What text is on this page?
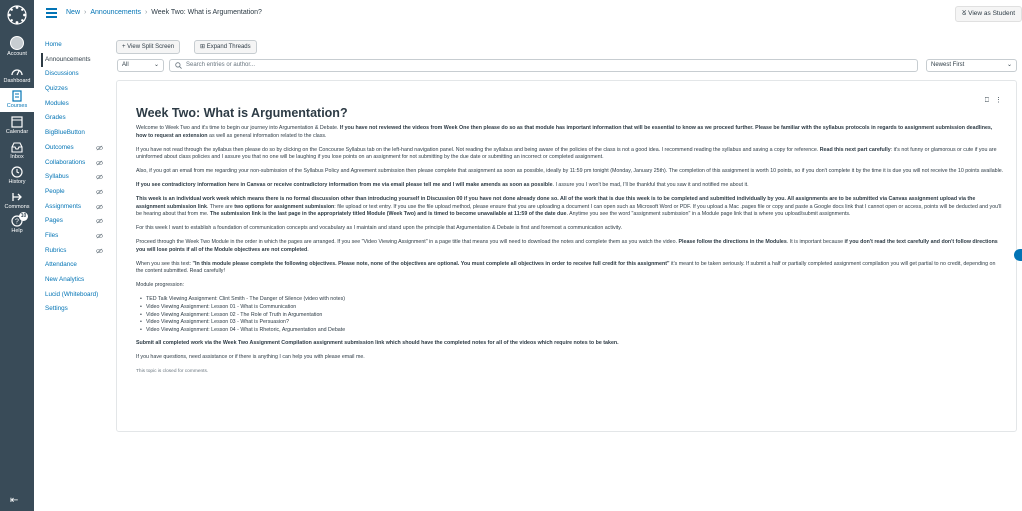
Account
Dashboard
Courses
Calendar
Inbox
History
Commons
?
10
Help
⇤
New › Announcements › Week Two: What is Argumentation?	ᘜ View as Student
Home
Announcements
Discussions
Quizzes
Modules
Grades
BigBlueButton
Outcomes
Collaborations
Syllabus
People
Assignments
Pages
Files
Rubrics
Attendance
New Analytics
Lucid (Whiteboard)
Settings
+ View Split Screen	⊞ Expand Threads
All	⌄	Search entries or author...	Newest First	⌄
⎕ ⋮
Week Two: What is Argumentation?

Welcome to Week Two and it's time to begin our journey into Argumentation & Debate. If you have not reviewed the videos from Week One then please do so as that module has important information that will be essential to know as we proceed further. Please be familiar with the syllabus protocols in regards to assignment submission deadlines, how to request an extension as well as general information related to the class.

If you have not read through the syllabus then please do so by clicking on the Concourse Syllabus tab on the left-hand navigation panel. Not reading the syllabus and being aware of the policies of the class is not a good idea. I recommend reading the syllabus and saving a copy for reference. Read this next part carefully: it's not funny or glamorous or cute if you are uninformed about class policies and I assure you that no one will be laughing if you lose points on an assignment for not submitting by the due date or submitting an incorrect or completed assignment.

Also, if you got an email from me regarding your non-submission of the Syllabus Policy and Agreement submission then please complete that assignment as soon as possible, ideally by 11:59 pm tonight (Monday, January 25th). The completion of this assignment is worth 10 points, so if you don't complete it by the time it is due you will not receive the 10 points available.

If you see contradictory information here in Canvas or receive contradictory information from me via email please tell me and I will make amends as soon as possible. I assure you I won't be mad, I'll be thankful that you saw it and notified me about it.

This week is an individual work week which means there is no formal discussion other than introducing yourself in Discussion 00 if you have not done already done so. All of the work that is due this week is to be completed and submitted individually by you. All assignments are to be submitted via Canvas assignment upload via the assignment submission link. There are two options for assignment submission: file upload or text entry. If you use the file upload method, please ensure that you are uploading a document I can open such as Microsoft Word or PDF. If you upload a Mac .pages file or copy and paste a Google docs link that I cannot open or access, points will be deducted and you'll be hearing about that from me. The submission link is the last page in the appropriately titled Module (Week Two) and is timed to become unavailable at 11:59 of the date due. Anytime you see the word "assignment submission" in a Module page link that is where you upload/submit assignments.

For this week I want to establish a foundation of communication concepts and vocabulary as I maintain and stand upon the principle that Argumentation & Debate is first and foremost a communication activity.

Proceed through the Week Two Module in the order in which the pages are arranged. If you see "Video Viewing Assignment" in a page title that means you will need to download the notes and complete them as you watch the video. Please follow the directions in the Modules. It is important because if you don't read the text carefully and don't follow directions you will lose points if all of the Module objectives are not completed.

When you see this text: "In this module please complete the following objectives. Please note, none of the objectives are optional. You must complete all objectives in order to receive full credit for this assignment" it's meant to be taken seriously. If submit a half or partially completed assignment compilation you will get partial to no credit, depending on the content submitted. Read carefully!

Module progression:

• TED Talk Viewing Assignment: Clint Smith - The Danger of Silence (video with notes)
• Video Viewing Assignment: Lesson 01 - What is Communication
• Video Viewing Assignment: Lesson 02 - The Role of Truth in Argumentation
• Video Viewing Assignment: Lesson 03 - What is Persuasion?
• Video Viewing Assignment: Lesson 04 - What is Rhetoric, Argumentation and Debate

Submit all completed work via the Week Two Assignment Compilation assignment submission link which should have the completed notes for all of the videos which require notes to be taken.

If you have questions, need assistance or if there is anything I can help you with please email me.

This topic is closed for comments.
